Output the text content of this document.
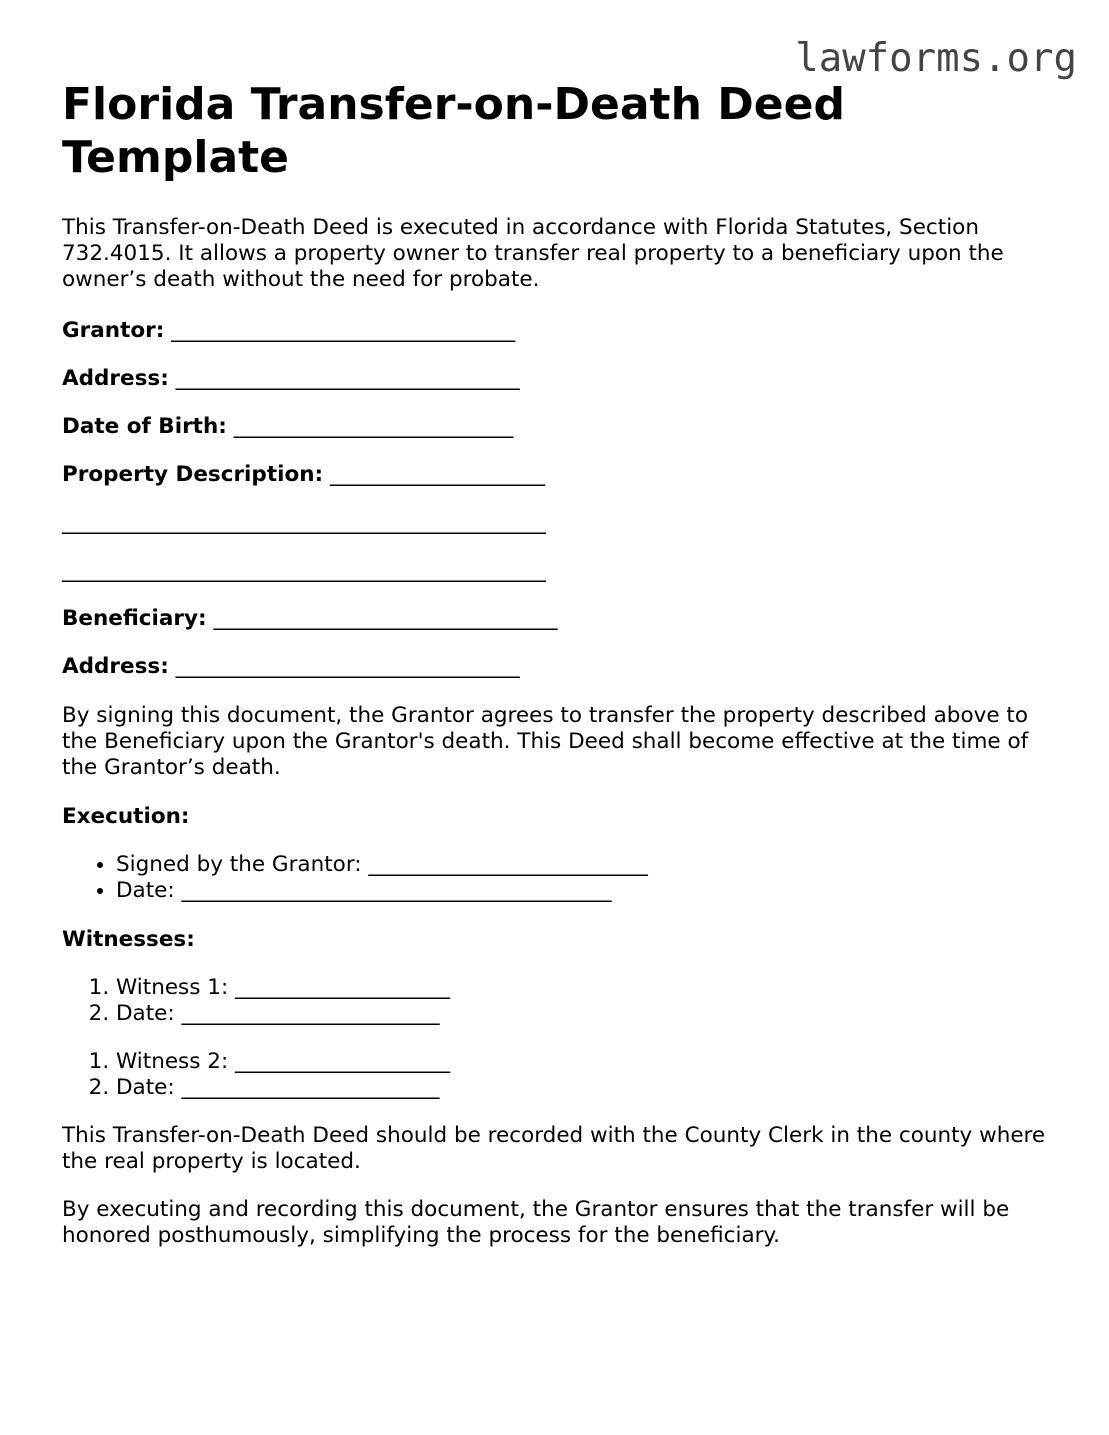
lawforms.org
Florida Transfer-on-Death Deed Template

This Transfer-on-Death Deed is executed in accordance with Florida Statutes, Section 732.4015. It allows a property owner to transfer real property to a beneficiary upon the owner’s death without the need for probate.

Grantor: ________________________________
Address: ________________________________
Date of Birth: __________________________
Property Description: ____________________
_____________________________________________
_____________________________________________
Beneficiary: ________________________________
Address: ________________________________

By signing this document, the Grantor agrees to transfer the property described above to the Beneficiary upon the Grantor's death. This Deed shall become effective at the time of the Grantor’s death.

Execution:
• Signed by the Grantor: __________________________
• Date: ________________________________________
Witnesses:
1. Witness 1: ____________________
2. Date: ________________________
1. Witness 2: ____________________
2. Date: ________________________

This Transfer-on-Death Deed should be recorded with the County Clerk in the county where the real property is located.

By executing and recording this document, the Grantor ensures that the transfer will be honored posthumously, simplifying the process for the beneficiary.
